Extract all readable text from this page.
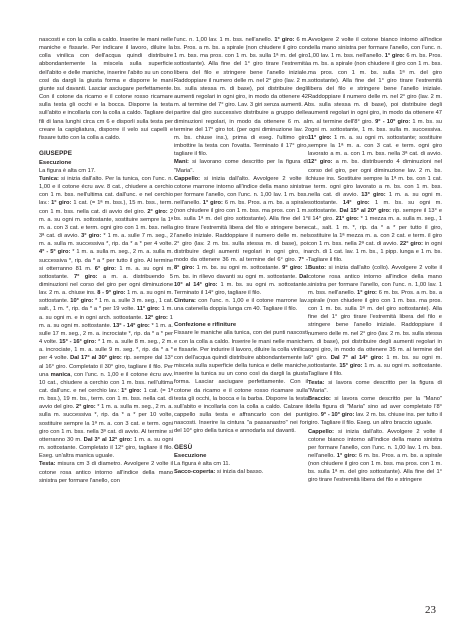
nascosti e con la colla a caldo. Inserire le mani nelle maniche e fissarle. Per indicare il lavoro, diluire la colla vinilica con dell'acqua quindi distribuire abbondantemente la miscela sulla superficie dell'abito e delle maniche, inserire l'abito su un cono così da dargli la giusta forma e disporre le mani giunte sul davanti. Lasciar asciugare perfettamente. Con il cotone da ricamo e il cotone rosso ricamare sulla testa gli occhi e la bocca. Disporre la testa sull'abito e incollarla con la colla a caldo. Tagliare dei fili di lana lunghi circa cm 6 e disporli sulla testa per creare la capigliatura, disporre il velo sui capelli e fissare tutto con la colla a caldo.

GIUSEPPE
Esecuzione

La figura è alta cm 17.

Tunica: si inizia dall'alto. Per la tunica, con l'unc. n. 1,00 e il cotone écru avv. 8 cat., chiudere a cerchio con 1 m. bss. nell'ultima cat. dall'unc. e nel cerchio lav.: 1° giro: 1 cat. (= 1ª m. bss.), 15 m. bss., term. con 1 m. bss. nella cat. di avvio del giro. 2° giro: 2 m. a. su ogni m. sottostante, sostituire sempre la 1ª m. a. con 3 cat. e term. ogni giro con 1 m. bss. nella 3ª cat. di avvio. 3° giro: * 1 m. a. sulle 7 m. seg., 2 m. a. sulla m. successiva *, rip. da * a * per 4 volte. 4° - 5° giro: * 1 m. a. sulla m. seg., 2 m. a. sulla m. successiva *, rip. da * a * per tutto il giro. Al termine si otterranno 81 m. 6° giro: 1 m. a. su ogni m. sottostante. 7° giro: a m. a. distribuendo 5 diminuzioni nel corso del giro per ogni diminuzione lav. 2 m. a. chiuse ins. 8 - 9° giro: 1 m. a. su ogni m. sottostante. 10° giro: * 1 m. a. sulle 3 m. seg., 1 cat. salt., 1 m. *, rip. da * a * per 19 volte. 11° giro: 1 m. a. su ogni m. e in ogni arch. sottostante. 12° giro: 1 m. a. su ogni m. sottostante. 13° - 14° giro: * 1 m. a. sulle 17 m. seg., 2 m. a. incrociate *, rip. da * a * per 4 volte. 15° - 16° giro: * 1 m. a. sulle 8 m. seg., 2 m. a. incrociate, 1 m. a. sulle 9 m. seg. *, rip. da * a * per 4 volte. Dal 17° al 30° giro: rip. sempre dal 13° al 16° giro. Completato il 30° giro, tagliare il filo. Per una manica, con l'unc. n. 1,00 e il cotone écru avv. 10 cat., chiudere a cerchio con 1 m. bss. nell'ultima cat. dall'unc. e nel cerchio lav.: 1° giro: 1 cat. (= 1ª m. bss.), 19 m. bs., term. con 1 m. bss. nella cat. di avvio del giro. 2° giro: * 1 m. a. sulla m. seg., 2 m. a. sulla m. successiva *, rip. da * a * per 10 volte, sostituire sempre la 1ª m. a. con 3 cat. e term. ogni giro con 1 m. bss. nella 3ª cat. di avvio. Al termine si otterranno 30 m. Dal 3° al 12° giro: 1 m. a. su ogni m. sottostante. Completato il 12° giro, tagliare il filo. Eseg. un'altra manica uguale.

Testa: misura cm 3 di diametro. Avvolgere 2 volte il cotone rosa antico intorno all'indice della mano sinistra per formare l'anello, con

l'unc. n. 1,00 lav. 1 m. bss. nell'anello. 1° giro: 6 m. bs. Pros. a m. bs. a spirale (non chiudere il giro con 1 m. bss. ma pros. con 1 m. bs. sulla 1ª m. del giro sottostante). Alla fine del 1° giro tirare l'estremità libera del filo e stringere bene l'anello iniziale. Raddoppiare il numero delle m. nel 2° giro (lav. 2 m. bs. sulla stessa m. di base), poi distribuire degli aumenti regolari in ogni giro, in modo da ottenere 42 m. al termine del 7° giro. Lav. 3 giri senza aumenti. A partire dal giro successivo distribuire a gruppo delle diminuzioni regolari, in modo da ottenere 6 m. al termine del 17° giro tot. (per ogni diminuzione lav. 2 m. bs. chiuse ins.), prima di eseg. l'ultimo giro imbottire la testa con l'ovatta. Terminato il 17° giro, tagliare il filo.

Mani: si lavorano come descritto per la figura di "Maria".

Cappello: si inizia dall'alto. Avvolgere 2 volte il cotone marrone intorno all'indice della mano sinistra per formare l'anello, con l'unc. n. 1,00 lav. 1 m. bss. nell'anello. 1° giro: 6 m. bs. Pros. a m. bs. a spirale (non chiudere il giro con 1 m. bss. ma pros. con 1 m. bs. sulla 1ª m. del giro sottostante). Alla fine del 1° giro tirare l'estremità libera del filo e stringere bene l'anello iniziale. Raddoppiare il numero delle m. nel 2° giro (lav. 2 m. bs. sulla stessa m. di base), poi distribuire degli aumenti regolari in ogni giro, in modo da ottenere 36 m. al termine del 6° giro. 7° - 8° giro: 1 m. bs. su ogni m. sottostante. 9° giro: 1 m. bs. in rilievo davanti su ogni m. sottostante. Dal 10° al 14° giro: 1 m. bs. su ogni m. sottostante. Terminato il 14° giro, tagliare il filo.

Cintura: con l'unc. n. 1,00 e il cotone marrone lav. una catenella doppia lunga cm 40. Tagliare il filo.

Confezione e rifiniture

Fissare le maniche alla tunica, con dei punti nascosti e con la colla a caldo. Inserire le mani nelle maniche e fissarle. Per indurire il lavoro, diluire la colla vinilica con dell'acqua quindi distribuire abbondantemente la miscela sulla superficie della tunica e delle maniche, inserire la tunica su un cono così da dargli la giusta forma. Lasciar asciugare perfettamente. Con il cotone da ricamo e il cotone rosso ricamare sulla testa gli occhi, la bocca e la barba. Disporre la testa sull'abito e incollarla con la colla a caldo. Calzare il cappello sulla testa e affrancarlo con dei punti nascosti. Inserire la cintura "a passanastro" nei fori del 10° giro della tunica e annodarla sul davanti.

GESÙ
Esecuzione

La figura è alta cm 11.

Sacco-coperta: si inizia dal basso.

Avvolgere 2 volte il cotone bianco intorno all'indice della mano sinistra per formare l'anello, con l'unc. n. 1,00 lav. 1 m. bss. nell'anello. 1° giro: 6 m. bs. Pros. a m. bs. a spirale (non chiudere il giro con 1 m. bss. ma pros. con 1 m. bs. sulla 1ª m. del giro sottostante). Alla fine del 1° giro tirare l'estremità libera del filo e stringere bene l'anello iniziale. Raddoppiare il numero delle m. nel 2° giro (lav. 2 m. bs. sulla stessa m. di base), poi distribuire degli aumenti regolari in ogni giro, in modo da ottenere 47 m. al termine dell'8° giro. 9° - 10° giro: 1 m. bs. su ogni m. sottostante, 1 m. bss. sulla m. successiva. 11° giro: 1 m. a. su ogni m. sottostante; sostituire sempre la 1ª m. a. con 3 cat. e term. ogni giro lavorato a m. a. con 1 m. bss. nella 3ª cat. di avvio. 12° giro: a m. bs. distribuendo 4 diminuzioni nel corso del giro, per ogni diminuzione lav. 2 m. bs. chiuse ins. Sostituire sempre la 1ª m. bs. con 1 cat. e term. ogni giro lavorato a m. bs. con 1 m. bss. nella cat. di avvio. 13° giro: 1 m. a. su ogni m. sottostante. 14° giro: 1 m. bs. su ogni m. sottostante. Dal 15° al 20° giro: rip. sempre il 13° e il 14° giro. 21° giro: * 1 mezza m. a. sulla m. seg., 1 cat., salt. 1 m. *, rip. da * a * per tutto il giro, sostituire la 1ª mezza m. a. con 2 cat. e term. il giro con 1 m. bss. nella 2ª cat. di avvio. 22° giro: in ogni arch. di 1 cat. lav. 1 m. bs., 1 pipp. lunga e 1 m. bs. Tagliare il filo.

Busto: si inizia dall'alto (collo). Avvolgere 2 volte il cotone rosa antico intorno all'indice della mano sinistra per formare l'anello, con l'unc. n. 1,00 lav. 1 m. bss. nell'anello. 1° giro: 6 m. bs. Pros. a m. bs. a spirale (non chiudere il giro con 1 m. bss. ma pros. con 1 m. bs. sulla 1ª m. del giro sottostante). Alla fine del 1° giro tirare l'estremità libera del filo e stringere bene l'anello iniziale. Raddoppiare il numero delle m. nel 2° giro (lav. 2 m. bs. sulla stessa m. di base), poi distribuire degli aumenti regolari in ogni giro, in modo da ottenere 35 m. al termine del 6° giro. Dal 7° al 14° giro: 1 m. bs. su ogni m. sottostante. 15° giro: 1 m. a. su ogni m. sottostante. Tagliare il filo.

Testa: si lavora come descritto per la figura di "Maria".

Braccio: si lavora come descritto per la "Mano" della figura di "Maria" sino ad aver completato l'8° giro. 9° - 10° giro: lav. 2 m. bs. chiuse ins. per tutto il giro. Tagliare il filo. Eseg. un altro braccio uguale.

Cappello: si inizia dall'alto. Avvolgere 2 volte il cotone bianco intorno all'indice della mano sinistra per formare l'anello, con l'unc. n. 1,00 lav. 1 m. bss. nell'anello. 1° giro: 6 m. bs. Pros. a m. bs. a spirale (non chiudere il giro con 1 m. bss. ma pros. con 1 m. bs. sulla 1ª m. del giro sottostante). Alla fine del 1° giro tirare l'estremità libera del filo e stringere

23
